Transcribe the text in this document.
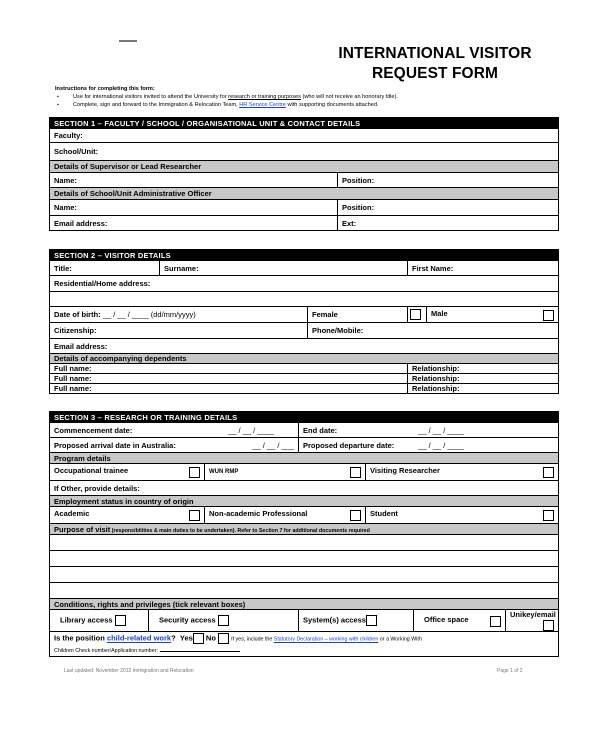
INTERNATIONAL VISITOR
REQUEST FORM
Instructions for completing this form:
▪ Use for international visitors invited to attend the University for research or training purposes (who will not receive an honorary title).
▪ Complete, sign and forward to the Immigration & Relocation Team, HR Service Centre with supporting documents attached.
SECTION 1 – FACULTY / SCHOOL / ORGANISATIONAL UNIT & CONTACT DETAILS	
Faculty:	
School/Unit:	
Details of Supervisor or Lead Researcher	
Name:	Position:
Details of School/Unit Administrative Officer	
Name:	Position:
Email address:	Ext:
SECTION 2 – VISITOR DETAILS				
Title:	Surname:		First Name:	
Residential/Home address:				

Date of birth: __ / __ / ____ (dd/mm/yyyy)		Female		Male

Citizenship:		Phone/Mobile:		
Email address:				
Details of accompanying dependents				
Full name:			Relationship:	
Full name:			Relationship:	
Full name:			Relationship:	
SECTION 3 – RESEARCH OR TRAINING DETAILS						
Commencement date: __ / __ / ____			End date: __ / __ / ____			

Proposed arrival date in Australia: __ / __ / ___			Proposed departure date: __ / __ / ____			

Program details						
Occupational trainee		WUN RMP		Visiting Researcher		

If Other, provide details:						
Employment status in country of origin						
Academic		Non-academic Professional		Student		

Purpose of visit (responsibilities & main duties to be undertaken). Refer to Section 7 for additional documents required						

Conditions, rights and privileges (tick relevant boxes)						
Library access	Security access		System(s) access		Office space	Unikey/email

Is the position child-related work? Yes No If yes, include the Statutory Declaration – working with children or a Working With
Children Check number/Application number:						
Last updated: November 2012 Immigration and Relocation	Page 1 of 2
